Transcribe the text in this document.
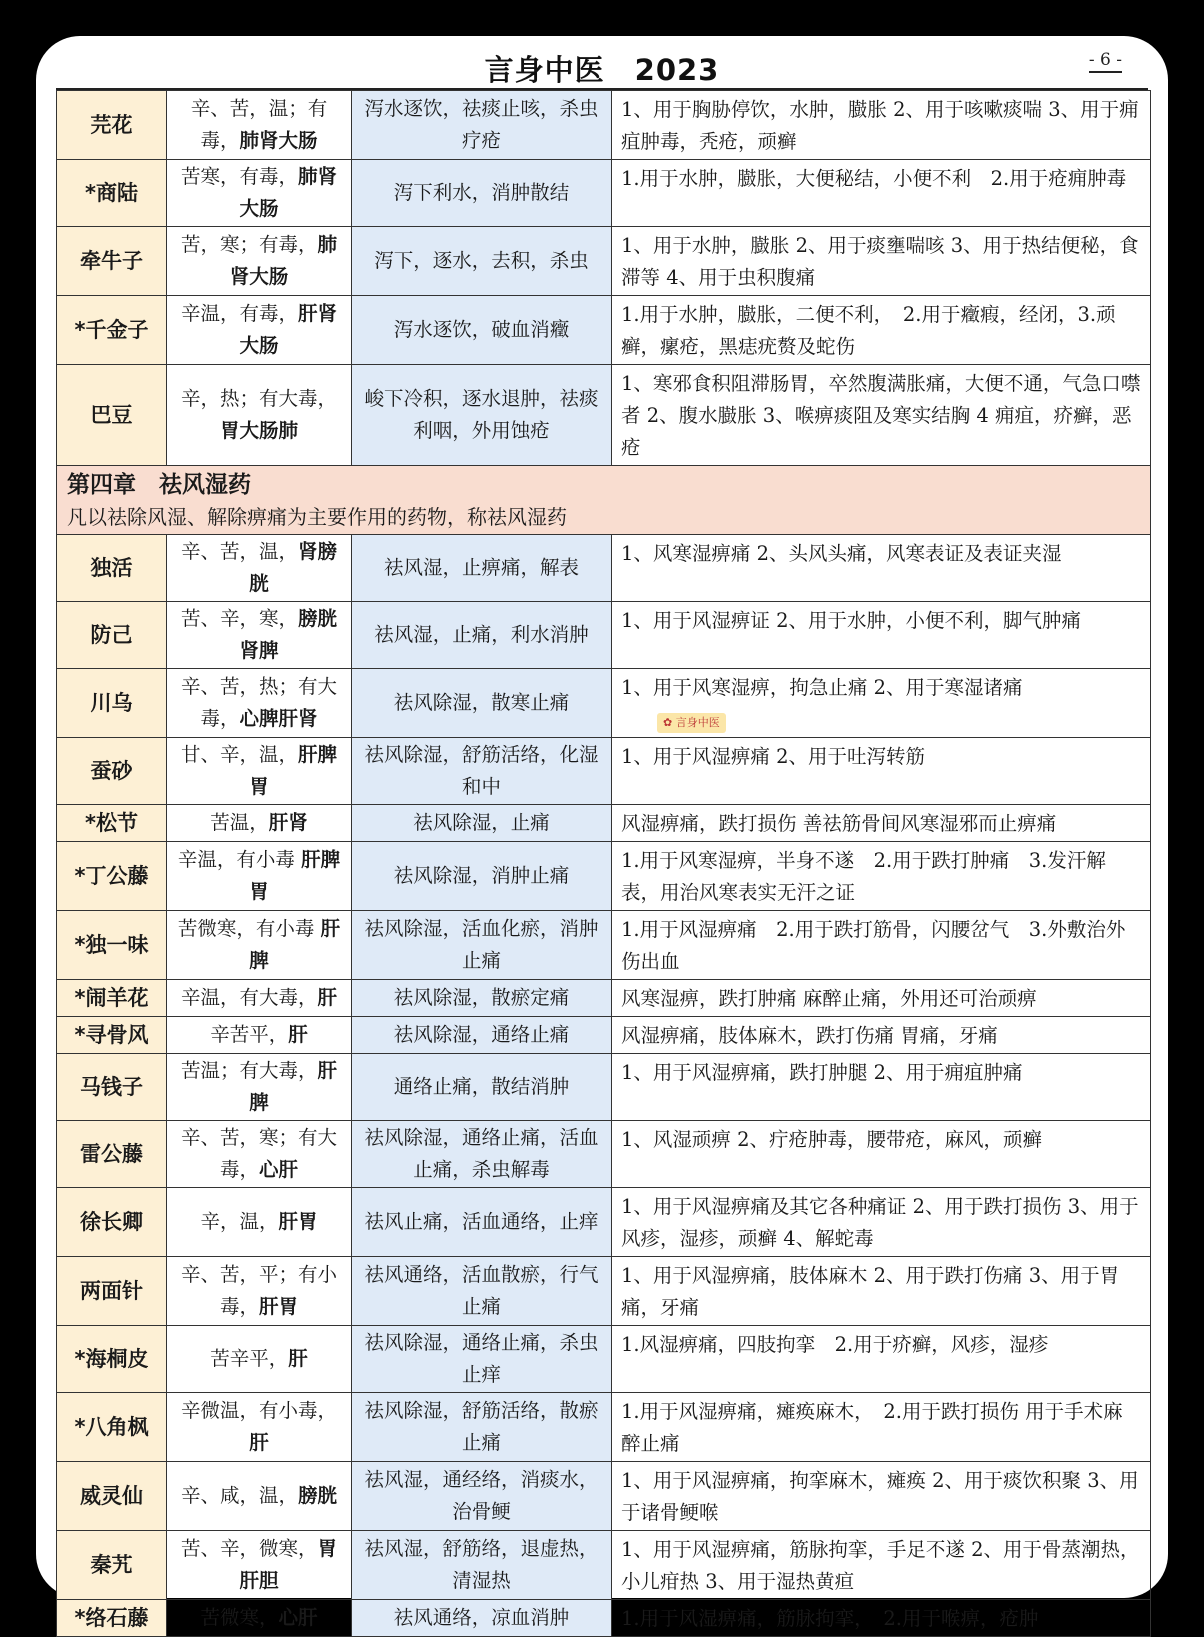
言身中医　2023	- 6 -
芫花	辛、苦，温；有毒，肺肾大肠	泻水逐饮，祛痰止咳，杀虫疗疮	1、用于胸胁停饮，水肿，臌胀 2、用于咳嗽痰喘 3、用于痈疽肿毒，秃疮，顽癣

*商陆	苦寒，有毒，肺肾大肠	泻下利水，消肿散结	1.用于水肿，臌胀，大便秘结，小便不利　2.用于疮痈肿毒

牵牛子	苦，寒；有毒，肺肾大肠	泻下，逐水，去积，杀虫	1、用于水肿，臌胀 2、用于痰壅喘咳 3、用于热结便秘，食滞等 4、用于虫积腹痛

*千金子	辛温，有毒，肝肾大肠	泻水逐饮，破血消癥	1.用于水肿，臌胀，二便不利，　2.用于癥瘕，经闭，3.顽癣，瘰疮，黑痣疣赘及蛇伤

巴豆	辛，热；有大毒，胃大肠肺	峻下冷积，逐水退肿，祛痰利咽，外用蚀疮	1、寒邪食积阻滞肠胃，卒然腹满胀痛，大便不通，气急口噤者 2、腹水臌胀 3、喉痹痰阻及寒实结胸 4 痈疽，疥癣，恶疮

第四章　祛风湿药
凡以祛除风湿、解除痹痛为主要作用的药物，称祛风湿药			

独活	辛、苦，温，肾膀胱	祛风湿，止痹痛，解表	1、风寒湿痹痛 2、头风头痛，风寒表证及表证夹湿

防己	苦、辛，寒，膀胱肾脾	祛风湿，止痛，利水消肿	1、用于风湿痹证 2、用于水肿，小便不利，脚气肿痛

川乌	辛、苦，热；有大毒，心脾肝肾	祛风除湿，散寒止痛	1、用于风寒湿痹，拘急止痛 2、用于寒湿诸痛
✿ 言身中医
蚕砂	甘、辛，温，肝脾胃	祛风除湿，舒筋活络，化湿和中	1、用于风湿痹痛 2、用于吐泻转筋

*松节	苦温，肝肾	祛风除湿，止痛	风湿痹痛，跌打损伤 善祛筋骨间风寒湿邪而止痹痛

*丁公藤	辛温，有小毒 肝脾胃	祛风除湿，消肿止痛	1.用于风寒湿痹，半身不遂　2.用于跌打肿痛　3.发汗解表，用治风寒表实无汗之证

*独一味	苦微寒，有小毒 肝脾	祛风除湿，活血化瘀，消肿止痛	1.用于风湿痹痛　2.用于跌打筋骨，闪腰岔气　3.外敷治外伤出血

*闹羊花	辛温，有大毒，肝	祛风除湿，散瘀定痛	风寒湿痹，跌打肿痛 麻醉止痛，外用还可治顽痹

*寻骨风	辛苦平，肝	祛风除湿，通络止痛	风湿痹痛，肢体麻木，跌打伤痛 胃痛，牙痛

马钱子	苦温；有大毒，肝脾	通络止痛，散结消肿	1、用于风湿痹痛，跌打肿腿 2、用于痈疽肿痛

雷公藤	辛、苦，寒；有大毒，心肝	祛风除湿，通络止痛，活血止痛，杀虫解毒	1、风湿顽痹 2、疔疮肿毒，腰带疮，麻风，顽癣

徐长卿	辛，温，肝胃	祛风止痛，活血通络，止痒	1、用于风湿痹痛及其它各种痛证 2、用于跌打损伤 3、用于风疹，湿疹，顽癣 4、解蛇毒

两面针	辛、苦，平；有小毒，肝胃	祛风通络，活血散瘀，行气止痛	1、用于风湿痹痛，肢体麻木 2、用于跌打伤痛 3、用于胃痛，牙痛

*海桐皮	苦辛平，肝	祛风除湿，通络止痛，杀虫止痒	1.风湿痹痛，四肢拘挛　2.用于疥癣，风疹，湿疹

*八角枫	辛微温，有小毒，肝	祛风除湿，舒筋活络，散瘀止痛	1.用于风湿痹痛，瘫痪麻木，　2.用于跌打损伤 用于手术麻醉止痛

威灵仙	辛、咸，温，膀胱	祛风湿，通经络，消痰水，治骨鲠	1、用于风湿痹痛，拘挛麻木，瘫痪 2、用于痰饮积聚 3、用于诸骨鲠喉

秦艽	苦、辛，微寒，胃肝胆	祛风湿，舒筋络，退虚热，清湿热	1、用于风湿痹痛，筋脉拘挛，手足不遂 2、用于骨蒸潮热，小儿疳热 3、用于湿热黄疸

*络石藤	苦微寒，心肝	祛风通络，凉血消肿	1.用于风湿痹痛，筋脉拘挛，　2.用于喉痹，疮肿
